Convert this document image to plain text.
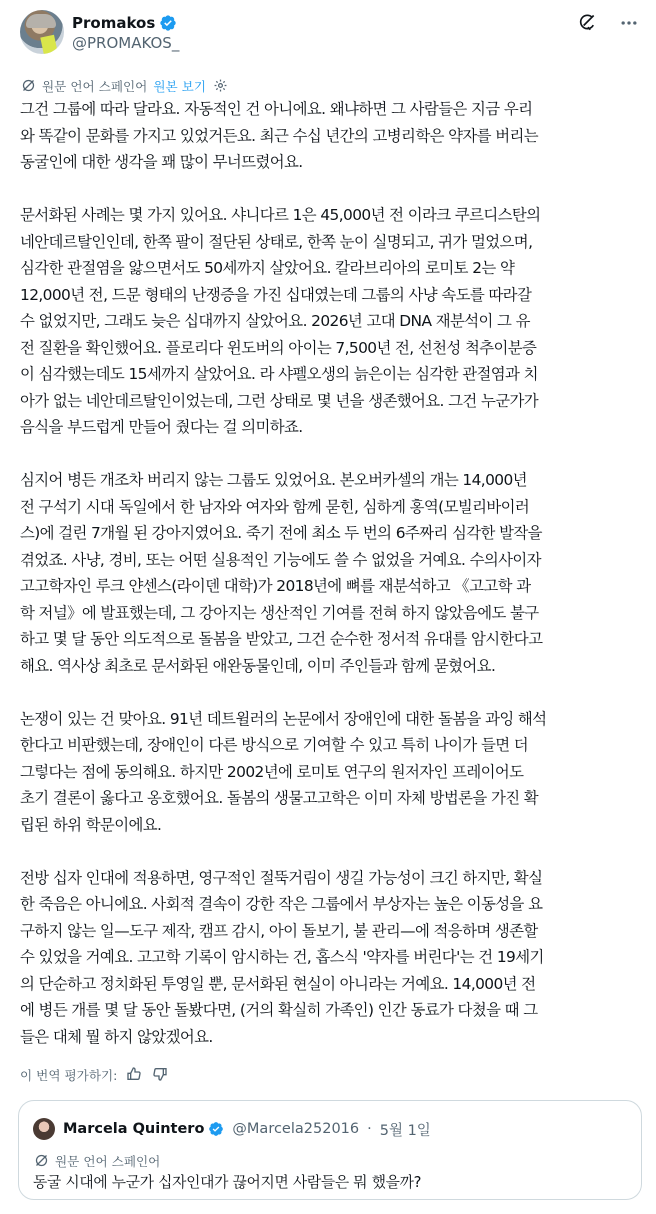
Promakos
@PROMAKOS_
원문 언어 스페인어 원본 보기
그건 그룹에 따라 달라요. 자동적인 건 아니에요. 왜냐하면 그 사람들은 지금 우리
와 똑같이 문화를 가지고 있었거든요. 최근 수십 년간의 고병리학은 약자를 버리는
동굴인에 대한 생각을 꽤 많이 무너뜨렸어요.
문서화된 사례는 몇 가지 있어요. 샤니다르 1은 45,000년 전 이라크 쿠르디스탄의
네안데르탈인인데, 한쪽 팔이 절단된 상태로, 한쪽 눈이 실명되고, 귀가 멀었으며,
심각한 관절염을 앓으면서도 50세까지 살았어요. 칼라브리아의 로미토 2는 약
12,000년 전, 드문 형태의 난쟁증을 가진 십대였는데 그룹의 사냥 속도를 따라갈
수 없었지만, 그래도 늦은 십대까지 살았어요. 2026년 고대 DNA 재분석이 그 유
전 질환을 확인했어요. 플로리다 윈도버의 아이는 7,500년 전, 선천성 척추이분증
이 심각했는데도 15세까지 살았어요. 라 샤펠오생의 늙은이는 심각한 관절염과 치
아가 없는 네안데르탈인이었는데, 그런 상태로 몇 년을 생존했어요. 그건 누군가가
음식을 부드럽게 만들어 줬다는 걸 의미하죠.
심지어 병든 개조차 버리지 않는 그룹도 있었어요. 본오버카셀의 개는 14,000년
전 구석기 시대 독일에서 한 남자와 여자와 함께 묻힌, 심하게 홍역(모빌리바이러
스)에 걸린 7개월 된 강아지였어요. 죽기 전에 최소 두 번의 6주짜리 심각한 발작을
겪었죠. 사냥, 경비, 또는 어떤 실용적인 기능에도 쓸 수 없었을 거예요. 수의사이자
고고학자인 루크 얀센스(라이덴 대학)가 2018년에 뼈를 재분석하고 《고고학 과
학 저널》에 발표했는데, 그 강아지는 생산적인 기여를 전혀 하지 않았음에도 불구
하고 몇 달 동안 의도적으로 돌봄을 받았고, 그건 순수한 정서적 유대를 암시한다고
해요. 역사상 최초로 문서화된 애완동물인데, 이미 주인들과 함께 묻혔어요.
논쟁이 있는 건 맞아요. 91년 데트윌러의 논문에서 장애인에 대한 돌봄을 과잉 해석
한다고 비판했는데, 장애인이 다른 방식으로 기여할 수 있고 특히 나이가 들면 더
그렇다는 점에 동의해요. 하지만 2002년에 로미토 연구의 원저자인 프레이어도
초기 결론이 옳다고 옹호했어요. 돌봄의 생물고고학은 이미 자체 방법론을 가진 확
립된 하위 학문이에요.
전방 십자 인대에 적용하면, 영구적인 절뚝거림이 생길 가능성이 크긴 하지만, 확실
한 죽음은 아니에요. 사회적 결속이 강한 작은 그룹에서 부상자는 높은 이동성을 요
구하지 않는 일—도구 제작, 캠프 감시, 아이 돌보기, 불 관리—에 적응하며 생존할
수 있었을 거예요. 고고학 기록이 암시하는 건, 홉스식 '약자를 버린다'는 건 19세기
의 단순하고 정치화된 투영일 뿐, 문서화된 현실이 아니라는 거예요. 14,000년 전
에 병든 개를 몇 달 동안 돌봤다면, (거의 확실히 가족인) 인간 동료가 다쳤을 때 그
들은 대체 뭘 하지 않았겠어요.
이 번역 평가하기:
Marcela Quintero @Marcela252016 · 5월 1일
원문 언어 스페인어
동굴 시대에 누군가 십자인대가 끊어지면 사람들은 뭐 했을까?
